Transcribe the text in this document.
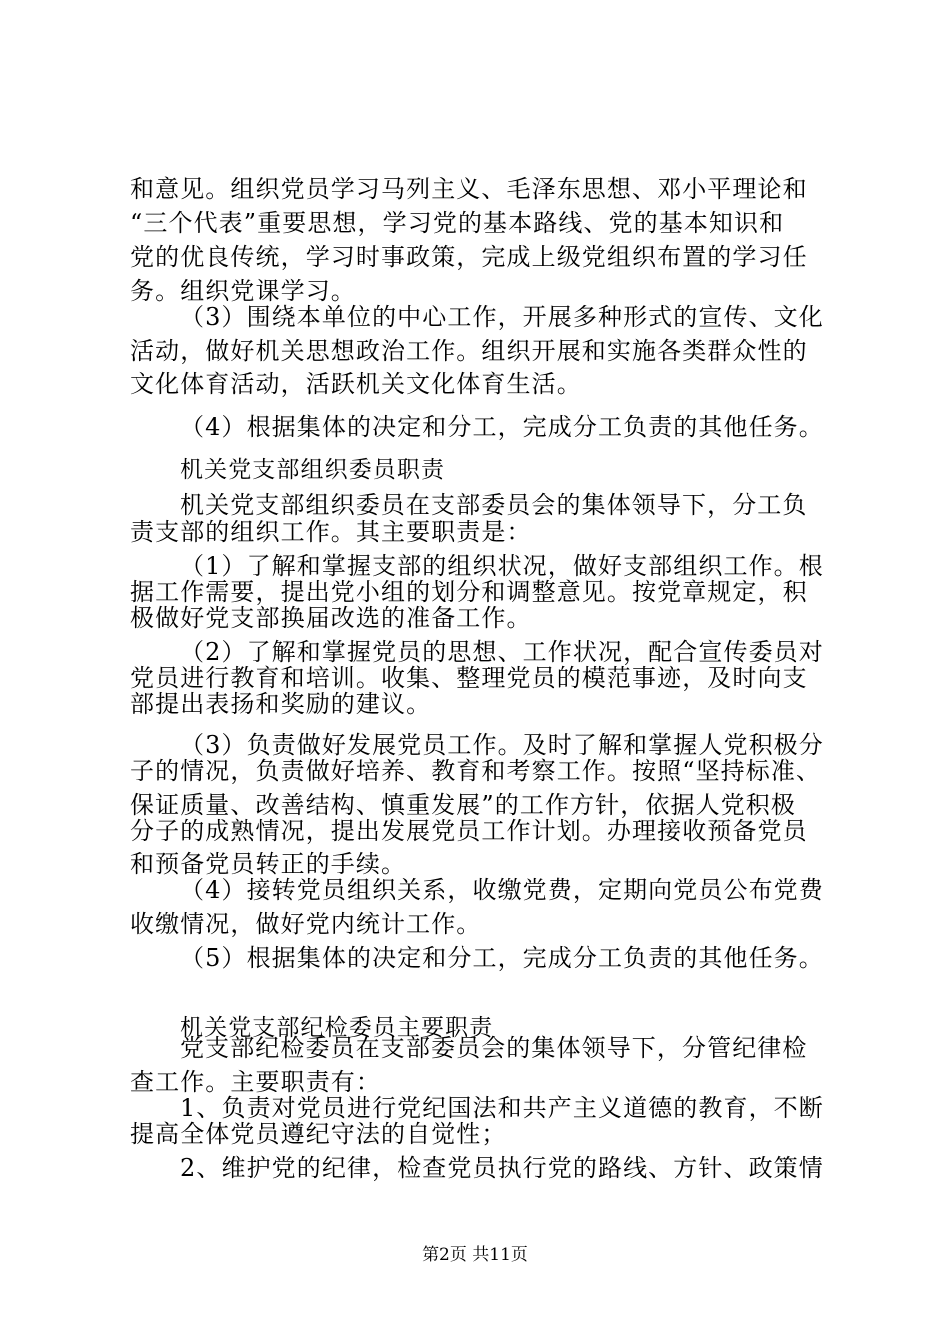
和意见。组织党员学习马列主义、毛泽东思想、邓小平理论和
“三个代表”重要思想，学习党的基本路线、党的基本知识和
党的优良传统，学习时事政策，完成上级党组织布置的学习任
务。组织党课学习。
（3）围绕本单位的中心工作，开展多种形式的宣传、文化
活动，做好机关思想政治工作。组织开展和实施各类群众性的
文化体育活动，活跃机关文化体育生活。
（4）根据集体的决定和分工，完成分工负责的其他任务。
机关党支部组织委员职责
机关党支部组织委员在支部委员会的集体领导下，分工负
责支部的组织工作。其主要职责是：
（1）了解和掌握支部的组织状况，做好支部组织工作。根
据工作需要，提出党小组的划分和调整意见。按党章规定，积
极做好党支部换届改选的准备工作。
（2）了解和掌握党员的思想、工作状况，配合宣传委员对
党员进行教育和培训。收集、整理党员的模范事迹，及时向支
部提出表扬和奖励的建议。
（3）负责做好发展党员工作。及时了解和掌握人党积极分
子的情况，负责做好培养、教育和考察工作。按照“坚持标准、
保证质量、改善结构、慎重发展”的工作方针，依据人党积极
分子的成熟情况，提出发展党员工作计划。办理接收预备党员
和预备党员转正的手续。
（4）接转党员组织关系，收缴党费，定期向党员公布党费
收缴情况，做好党内统计工作。
（5）根据集体的决定和分工，完成分工负责的其他任务。
机关党支部纪检委员主要职责
党支部纪检委员在支部委员会的集体领导下，分管纪律检
查工作。主要职责有：
1、负责对党员进行党纪国法和共产主义道德的教育，不断
提高全体党员遵纪守法的自觉性；
2、维护党的纪律，检查党员执行党的路线、方针、政策情
第2页 共11页
